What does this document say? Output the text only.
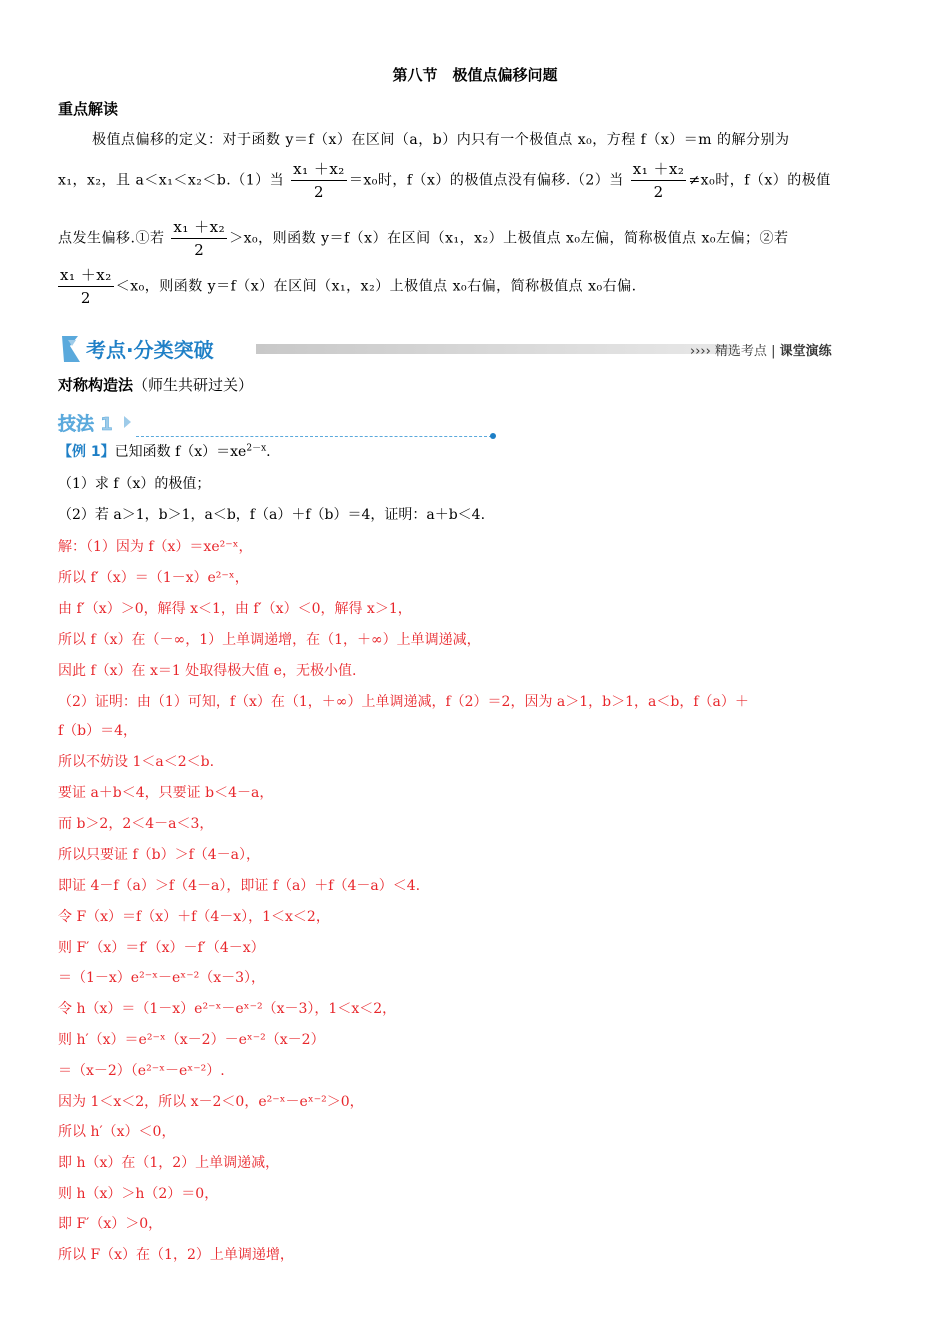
第八节　极值点偏移问题
重点解读
极值点偏移的定义：对于函数 y＝f（x）在区间（a，b）内只有一个极值点 x₀，方程 f（x）＝m 的解分别为
x₁，x₂，且 a＜x₁＜x₂＜b.（1）当 $\frac{\text{x₁ ＋x₂}}{2} =x_0$时，f（x）的极值点没有偏移.（2）当 $\frac{\text{x₁ ＋x₂}}{2} \ne x_0$时，f（x）的极值
点发生偏移.①若 $\frac{\text{x₁ ＋x₂}}{2} >x_0$，则函数 y＝f（x）在区间（x₁，x₂）上极值点 x₀左偏，简称极值点 x₀左偏；②若
$\frac{\text{x₁ ＋x₂}}{2} <x_0$，则函数 y＝f（x）在区间（x₁，x₂）上极值点 x₀右偏，简称极值点 x₀右偏.
考点·分类突破	›››› 精选考点 | 课堂演练
对称构造法（师生共研过关）
技法 1
【例 1】已知函数 $f(x)=xe^{2-x}$.
（1）求 f（x）的极值；
（2）若 a＞1，b＞1，a＜b，f（a）＋f（b）＝4，证明：a＋b＜4.
解：（1）因为 f（x）＝xe²⁻ˣ，
所以 f′（x）＝（1－x）e²⁻ˣ，
由 f′（x）＞0，解得 x＜1，由 f′（x）＜0，解得 x＞1，
所以 f（x）在（－∞，1）上单调递增，在（1，＋∞）上单调递减，
因此 f（x）在 x＝1 处取得极大值 e，无极小值.
（2）证明：由（1）可知，f（x）在（1，＋∞）上单调递减，f（2）＝2，因为 a＞1，b＞1，a＜b，f（a）＋
f（b）＝4，
所以不妨设 1＜a＜2＜b.
要证 a＋b＜4，只要证 b＜4－a，
而 b＞2，2＜4－a＜3，
所以只要证 f（b）＞f（4－a），
即证 4－f（a）＞f（4－a），即证 f（a）＋f（4－a）＜4.
令 F（x）＝f（x）＋f（4－x），1＜x＜2，
则 F′（x）＝f′（x）－f′（4－x）
＝（1－x）e²⁻ˣ－eˣ⁻²（x－3），
令 h（x）＝（1－x）e²⁻ˣ－eˣ⁻²（x－3），1＜x＜2，
则 h′（x）＝e²⁻ˣ（x－2）－eˣ⁻²（x－2）
＝（x－2）（e²⁻ˣ－eˣ⁻²）.
因为 1＜x＜2，所以 x－2＜0，e²⁻ˣ－eˣ⁻²＞0，
所以 h′（x）＜0，
即 h（x）在（1，2）上单调递减，
则 h（x）＞h（2）＝0，
即 F′（x）＞0，
所以 F（x）在（1，2）上单调递增，
